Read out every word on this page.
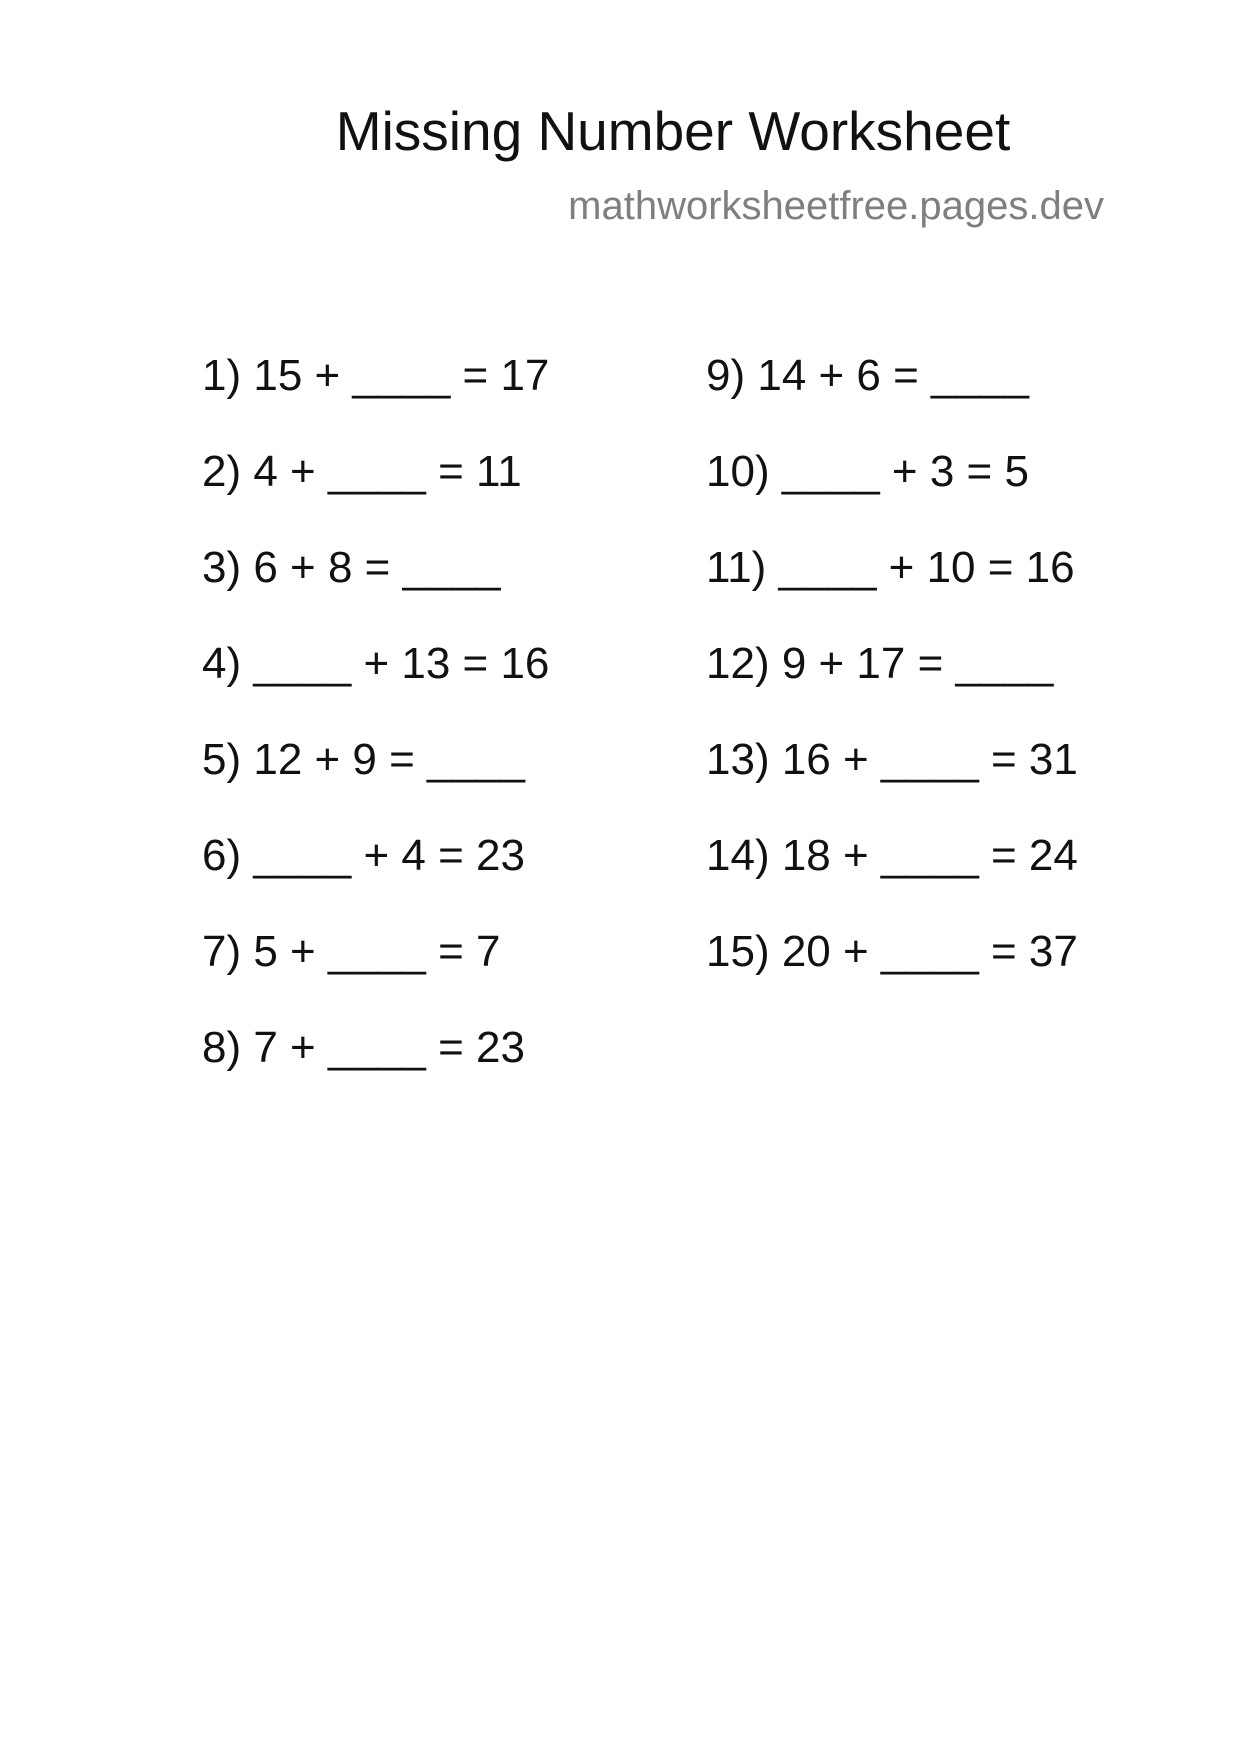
Missing Number Worksheet
mathworksheetfree.pages.dev
1) 15 + ____ = 17
2) 4 + ____ = 11
3) 6 + 8 = ____
4) ____ + 13 = 16
5) 12 + 9 = ____
6) ____ + 4 = 23
7) 5 + ____ = 7
8) 7 + ____ = 23
9) 14 + 6 = ____
10) ____ + 3 = 5
11) ____ + 10 = 16
12) 9 + 17 = ____
13) 16 + ____ = 31
14) 18 + ____ = 24
15) 20 + ____ = 37
